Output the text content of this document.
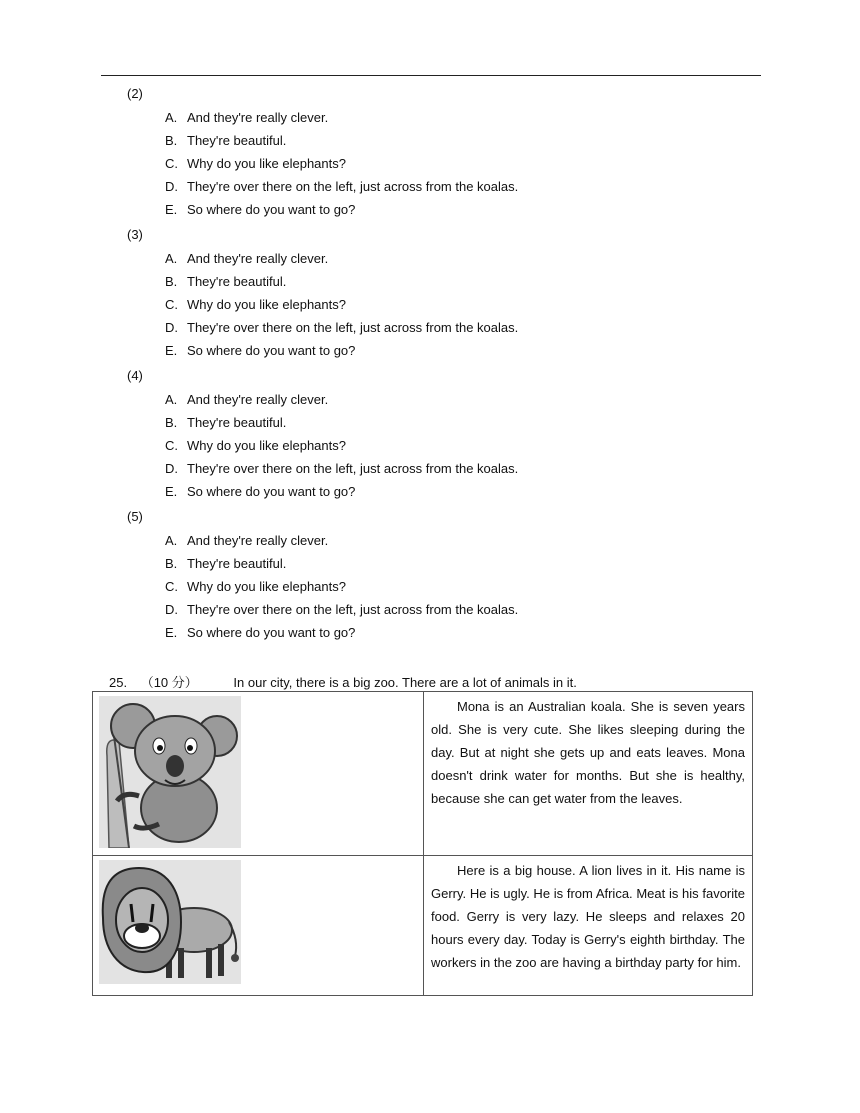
(2)
A. And they're really clever.
B. They're beautiful.
C. Why do you like elephants?
D. They're over there on the left, just across from the koalas.
E. So where do you want to go?
(3)
A. And they're really clever.
B. They're beautiful.
C. Why do you like elephants?
D. They're over there on the left, just across from the koalas.
E. So where do you want to go?
(4)
A. And they're really clever.
B. They're beautiful.
C. Why do you like elephants?
D. They're over there on the left, just across from the koalas.
E. So where do you want to go?
(5)
A. And they're really clever.
B. They're beautiful.
C. Why do you like elephants?
D. They're over there on the left, just across from the koalas.
E. So where do you want to go?
25. （10 分）	In our city, there is a big zoo. There are a lot of animals in it.

Mona is an Australian koala. She is seven years old. She is very cute. She likes sleeping during the day. But at night she gets up and eats leaves. Mona doesn't drink water for months. But she is healthy, because she can get water from the leaves.

Here is a big house. A lion lives in it. His name is Gerry. He is ugly. He is from Africa. Meat is his favorite food. Gerry is very lazy. He sleeps and relaxes 20 hours every day. Today is Gerry's eighth birthday. The workers in the zoo are having a birthday party for him.
